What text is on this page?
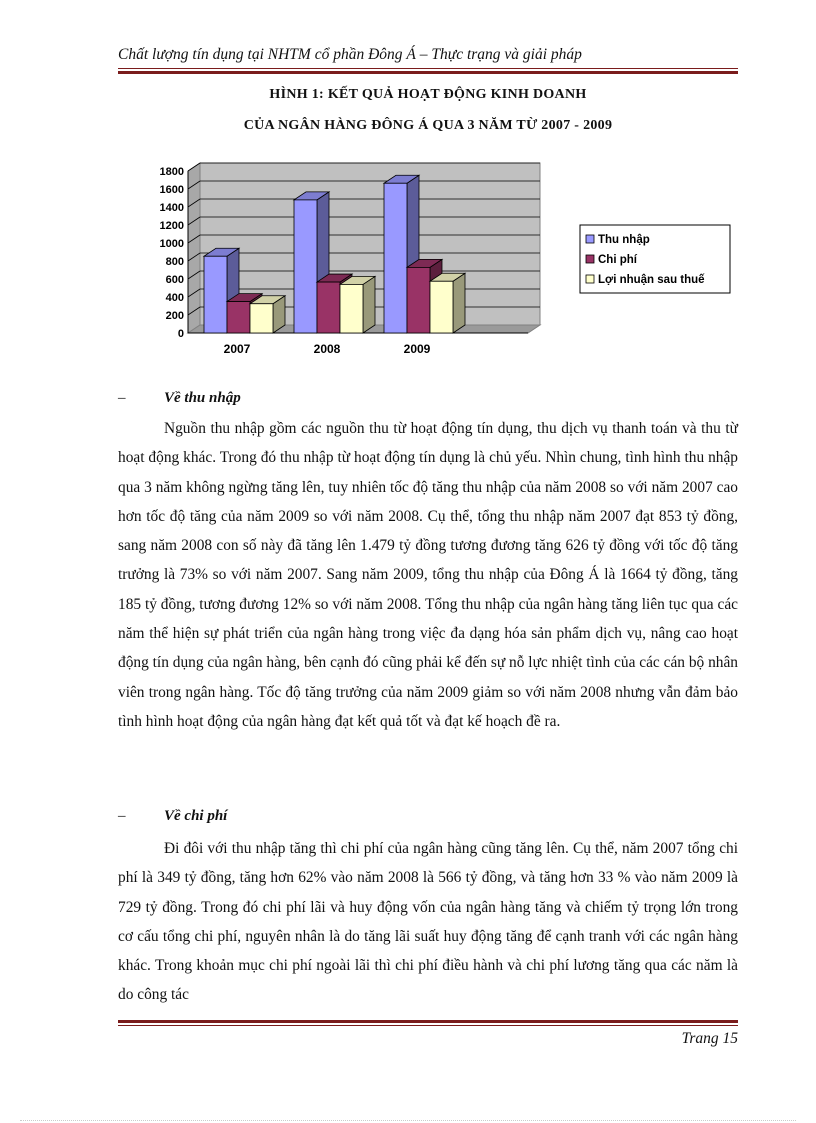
Chất lượng tín dụng tại NHTM cổ phần Đông Á – Thực trạng và giải pháp
HÌNH 1: KẾT QUẢ HOẠT ĐỘNG KINH DOANH
CỦA NGÂN HÀNG ĐÔNG Á QUA 3 NĂM TỪ 2007 - 2009
0
200
400
600
800
1000
1200
1400
1600
1800
2007	2008	2009
Thu nhập
Chi phí
Lợi nhuận sau thuế
–	Về thu nhập

Nguồn thu nhập gồm các nguồn thu từ hoạt động tín dụng, thu dịch vụ thanh toán và thu từ hoạt động khác. Trong đó thu nhập từ hoạt động tín dụng là chủ yếu. Nhìn chung, tình hình thu nhập qua 3 năm không ngừng tăng lên, tuy nhiên tốc độ tăng thu nhập của năm 2008 so với năm 2007 cao hơn tốc độ tăng của năm 2009 so với năm 2008. Cụ thể, tổng thu nhập năm 2007 đạt 853 tỷ đồng, sang năm 2008 con số này đã tăng lên 1.479 tỷ đồng tương đương tăng 626 tỷ đồng với tốc độ tăng trưởng là 73% so với năm 2007. Sang năm 2009, tổng thu nhập của Đông Á là 1664 tỷ đồng, tăng 185 tỷ đồng, tương đương 12% so với năm 2008. Tổng thu nhập của ngân hàng tăng liên tục qua các năm thể hiện sự phát triển của ngân hàng trong việc đa dạng hóa sản phẩm dịch vụ, nâng cao hoạt động tín dụng của ngân hàng, bên cạnh đó cũng phải kể đến sự nỗ lực nhiệt tình của các cán bộ nhân viên trong ngân hàng. Tốc độ tăng trưởng của năm 2009 giảm so với năm 2008 nhưng vẫn đảm bảo tình hình hoạt động của ngân hàng đạt kết quả tốt và đạt kế hoạch đề ra.

–	Về chi phí

Đi đôi với thu nhập tăng thì chi phí của ngân hàng cũng tăng lên. Cụ thể, năm 2007 tổng chi phí là 349 tỷ đồng, tăng hơn 62% vào năm 2008 là 566 tỷ đồng, và tăng hơn 33 % vào năm 2009 là 729 tỷ đồng. Trong đó chi phí lãi và huy động vốn của ngân hàng tăng và chiếm tỷ trọng lớn trong cơ cấu tổng chi phí, nguyên nhân là do tăng lãi suất huy động tăng để cạnh tranh với các ngân hàng khác. Trong khoản mục chi phí ngoài lãi thì chi phí điều hành và chi phí lương tăng qua các năm là do công tác

Trang 15
